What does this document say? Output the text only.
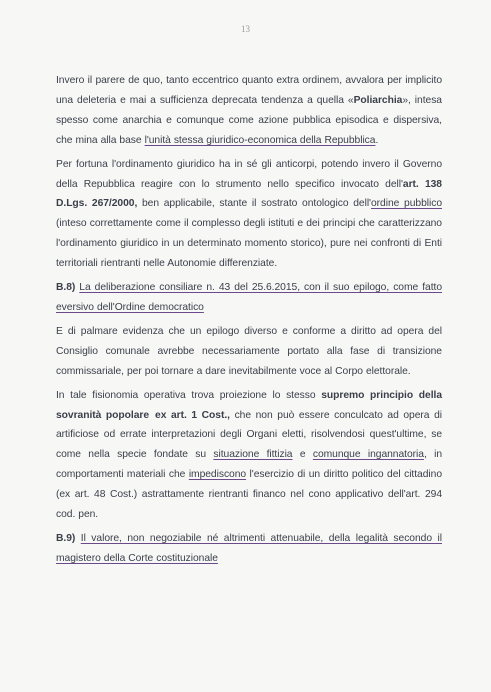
13

Invero il parere de quo, tanto eccentrico quanto extra ordinem, avvalora per implicito una deleteria e mai a sufficienza deprecata tendenza a quella «Poliarchia», intesa spesso come anarchia e comunque come azione pubblica episodica e dispersiva, che mina alla base l'unità stessa giuridico-economica della Repubblica.

Per fortuna l'ordinamento giuridico ha in sé gli anticorpi, potendo invero il Governo della Repubblica reagire con lo strumento nello specifico invocato dell'art. 138 D.Lgs. 267/2000, ben applicabile, stante il sostrato ontologico dell'ordine pubblico (inteso correttamente come il complesso degli istituti e dei principi che caratterizzano l'ordinamento giuridico in un determinato momento storico), pure nei confronti di Enti territoriali rientranti nelle Autonomie differenziate.

B.8) La deliberazione consiliare n. 43 del 25.6.2015, con il suo epilogo, come fatto eversivo dell'Ordine democratico

E di palmare evidenza che un epilogo diverso e conforme a diritto ad opera del Consiglio comunale avrebbe necessariamente portato alla fase di transizione commissariale, per poi tornare a dare inevitabilmente voce al Corpo elettorale.

In tale fisionomia operativa trova proiezione lo stesso supremo principio della sovranità popolare ex art. 1 Cost., che non può essere conculcato ad opera di artificiose od errate interpretazioni degli Organi eletti, risolvendosi quest'ultime, se come nella specie fondate su situazione fittizia e comunque ingannatoria, in comportamenti materiali che impediscono l'esercizio di un diritto politico del cittadino (ex art. 48 Cost.) astrattamente rientranti financo nel cono applicativo dell'art. 294 cod. pen.

B.9) Il valore, non negoziabile né altrimenti attenuabile, della legalità secondo il magistero della Corte costituzionale
